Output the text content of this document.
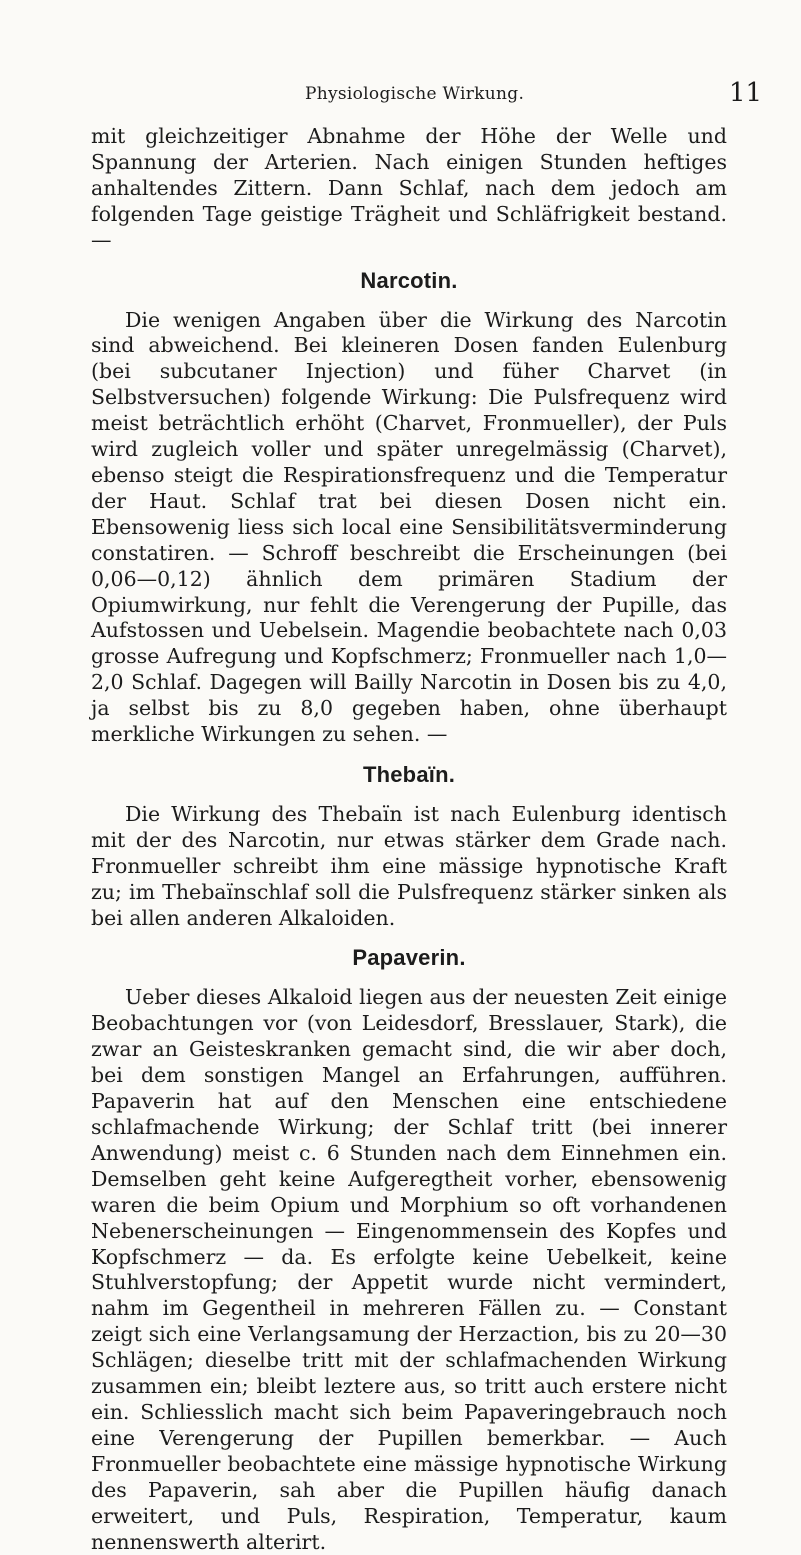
Physiologische Wirkung.	11

mit gleichzeitiger Abnahme der Höhe der Welle und Spannung der Arterien. Nach einigen Stunden heftiges anhaltendes Zittern. Dann Schlaf, nach dem jedoch am folgenden Tage geistige Trägheit und Schläfrigkeit bestand. —

Narcotin.

Die wenigen Angaben über die Wirkung des Narcotin sind abweichend. Bei kleineren Dosen fanden Eulenburg (bei subcutaner Injection) und füher Charvet (in Selbstversuchen) folgende Wirkung: Die Pulsfrequenz wird meist beträchtlich erhöht (Charvet, Fronmueller), der Puls wird zugleich voller und später unregelmässig (Charvet), ebenso steigt die Respirationsfrequenz und die Temperatur der Haut. Schlaf trat bei diesen Dosen nicht ein. Ebensowenig liess sich local eine Sensibilitätsverminderung constatiren. — Schroff beschreibt die Erscheinungen (bei 0,06—0,12) ähnlich dem primären Stadium der Opiumwirkung, nur fehlt die Verengerung der Pupille, das Aufstossen und Uebelsein. Magendie beobachtete nach 0,03 grosse Aufregung und Kopfschmerz; Fronmueller nach 1,0—2,0 Schlaf. Dagegen will Bailly Narcotin in Dosen bis zu 4,0, ja selbst bis zu 8,0 gegeben haben, ohne überhaupt merkliche Wirkungen zu sehen. —

Thebaïn.

Die Wirkung des Thebaïn ist nach Eulenburg identisch mit der des Narcotin, nur etwas stärker dem Grade nach. Fronmueller schreibt ihm eine mässige hypnotische Kraft zu; im Thebaïnschlaf soll die Pulsfrequenz stärker sinken als bei allen anderen Alkaloiden.

Papaverin.

Ueber dieses Alkaloid liegen aus der neuesten Zeit einige Beobachtungen vor (von Leidesdorf, Bresslauer, Stark), die zwar an Geisteskranken gemacht sind, die wir aber doch, bei dem sonstigen Mangel an Erfahrungen, aufführen. Papaverin hat auf den Menschen eine entschiedene schlafmachende Wirkung; der Schlaf tritt (bei innerer Anwendung) meist c. 6 Stunden nach dem Einnehmen ein. Demselben geht keine Aufgeregtheit vorher, ebensowenig waren die beim Opium und Morphium so oft vorhandenen Nebenerscheinungen — Eingenommensein des Kopfes und Kopfschmerz — da. Es erfolgte keine Uebelkeit, keine Stuhlverstopfung; der Appetit wurde nicht vermindert, nahm im Gegentheil in mehreren Fällen zu. — Constant zeigt sich eine Verlangsamung der Herzaction, bis zu 20—30 Schlägen; dieselbe tritt mit der schlafmachenden Wirkung zusammen ein; bleibt leztere aus, so tritt auch erstere nicht ein. Schliesslich macht sich beim Papaveringebrauch noch eine Verengerung der Pupillen bemerkbar. — Auch Fronmueller beobachtete eine mässige hypnotische Wirkung des Papaverin, sah aber die Pupillen häufig danach erweitert, und Puls, Respiration, Temperatur, kaum nennenswerth alterirt.
